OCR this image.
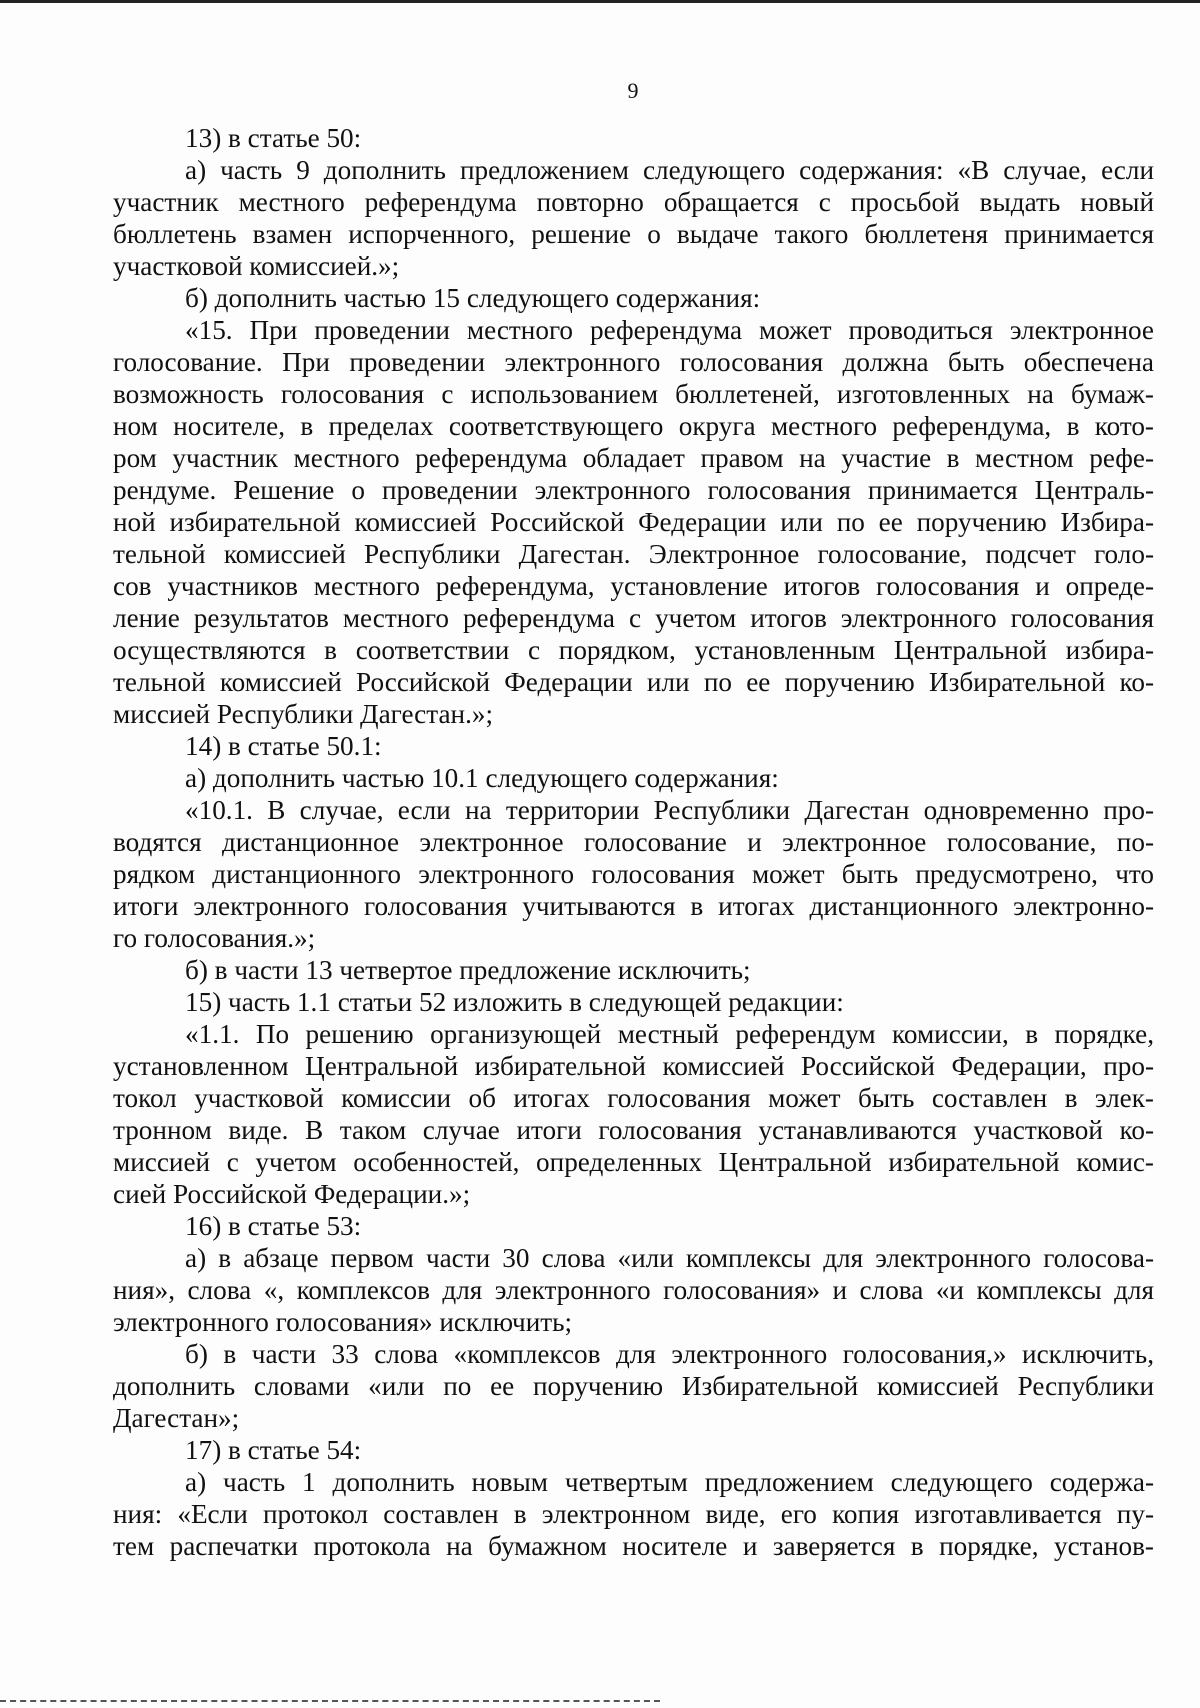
9
13) в статье 50:
а) часть 9 дополнить предложением следующего содержания: «В случае, если
участник местного референдума повторно обращается с просьбой выдать новый
бюллетень взамен испорченного, решение о выдаче такого бюллетеня принимается
участковой комиссией.»;
б) дополнить частью 15 следующего содержания:
«15. При проведении местного референдума может проводиться электронное
голосование. При проведении электронного голосования должна быть обеспечена
возможность голосования с использованием бюллетеней, изготовленных на бумаж-
ном носителе, в пределах соответствующего округа местного референдума, в кото-
ром участник местного референдума обладает правом на участие в местном рефе-
рендуме. Решение о проведении электронного голосования принимается Централь-
ной избирательной комиссией Российской Федерации или по ее поручению Избира-
тельной комиссией Республики Дагестан. Электронное голосование, подсчет голо-
сов участников местного референдума, установление итогов голосования и опреде-
ление результатов местного референдума с учетом итогов электронного голосования
осуществляются в соответствии с порядком, установленным Центральной избира-
тельной комиссией Российской Федерации или по ее поручению Избирательной ко-
миссией Республики Дагестан.»;
14) в статье 50.1:
а) дополнить частью 10.1 следующего содержания:
«10.1. В случае, если на территории Республики Дагестан одновременно про-
водятся дистанционное электронное голосование и электронное голосование, по-
рядком дистанционного электронного голосования может быть предусмотрено, что
итоги электронного голосования учитываются в итогах дистанционного электронно-
го голосования.»;
б) в части 13 четвертое предложение исключить;
15) часть 1.1 статьи 52 изложить в следующей редакции:
«1.1. По решению организующей местный референдум комиссии, в порядке,
установленном Центральной избирательной комиссией Российской Федерации, про-
токол участковой комиссии об итогах голосования может быть составлен в элек-
тронном виде. В таком случае итоги голосования устанавливаются участковой ко-
миссией с учетом особенностей, определенных Центральной избирательной комис-
сией Российской Федерации.»;
16) в статье 53:
а) в абзаце первом части 30 слова «или комплексы для электронного голосова-
ния», слова «, комплексов для электронного голосования» и слова «и комплексы для
электронного голосования» исключить;
б) в части 33 слова «комплексов для электронного голосования,» исключить,
дополнить словами «или по ее поручению Избирательной комиссией Республики
Дагестан»;
17) в статье 54:
а) часть 1 дополнить новым четвертым предложением следующего содержа-
ния: «Если протокол составлен в электронном виде, его копия изготавливается пу-
тем распечатки протокола на бумажном носителе и заверяется в порядке, установ-
